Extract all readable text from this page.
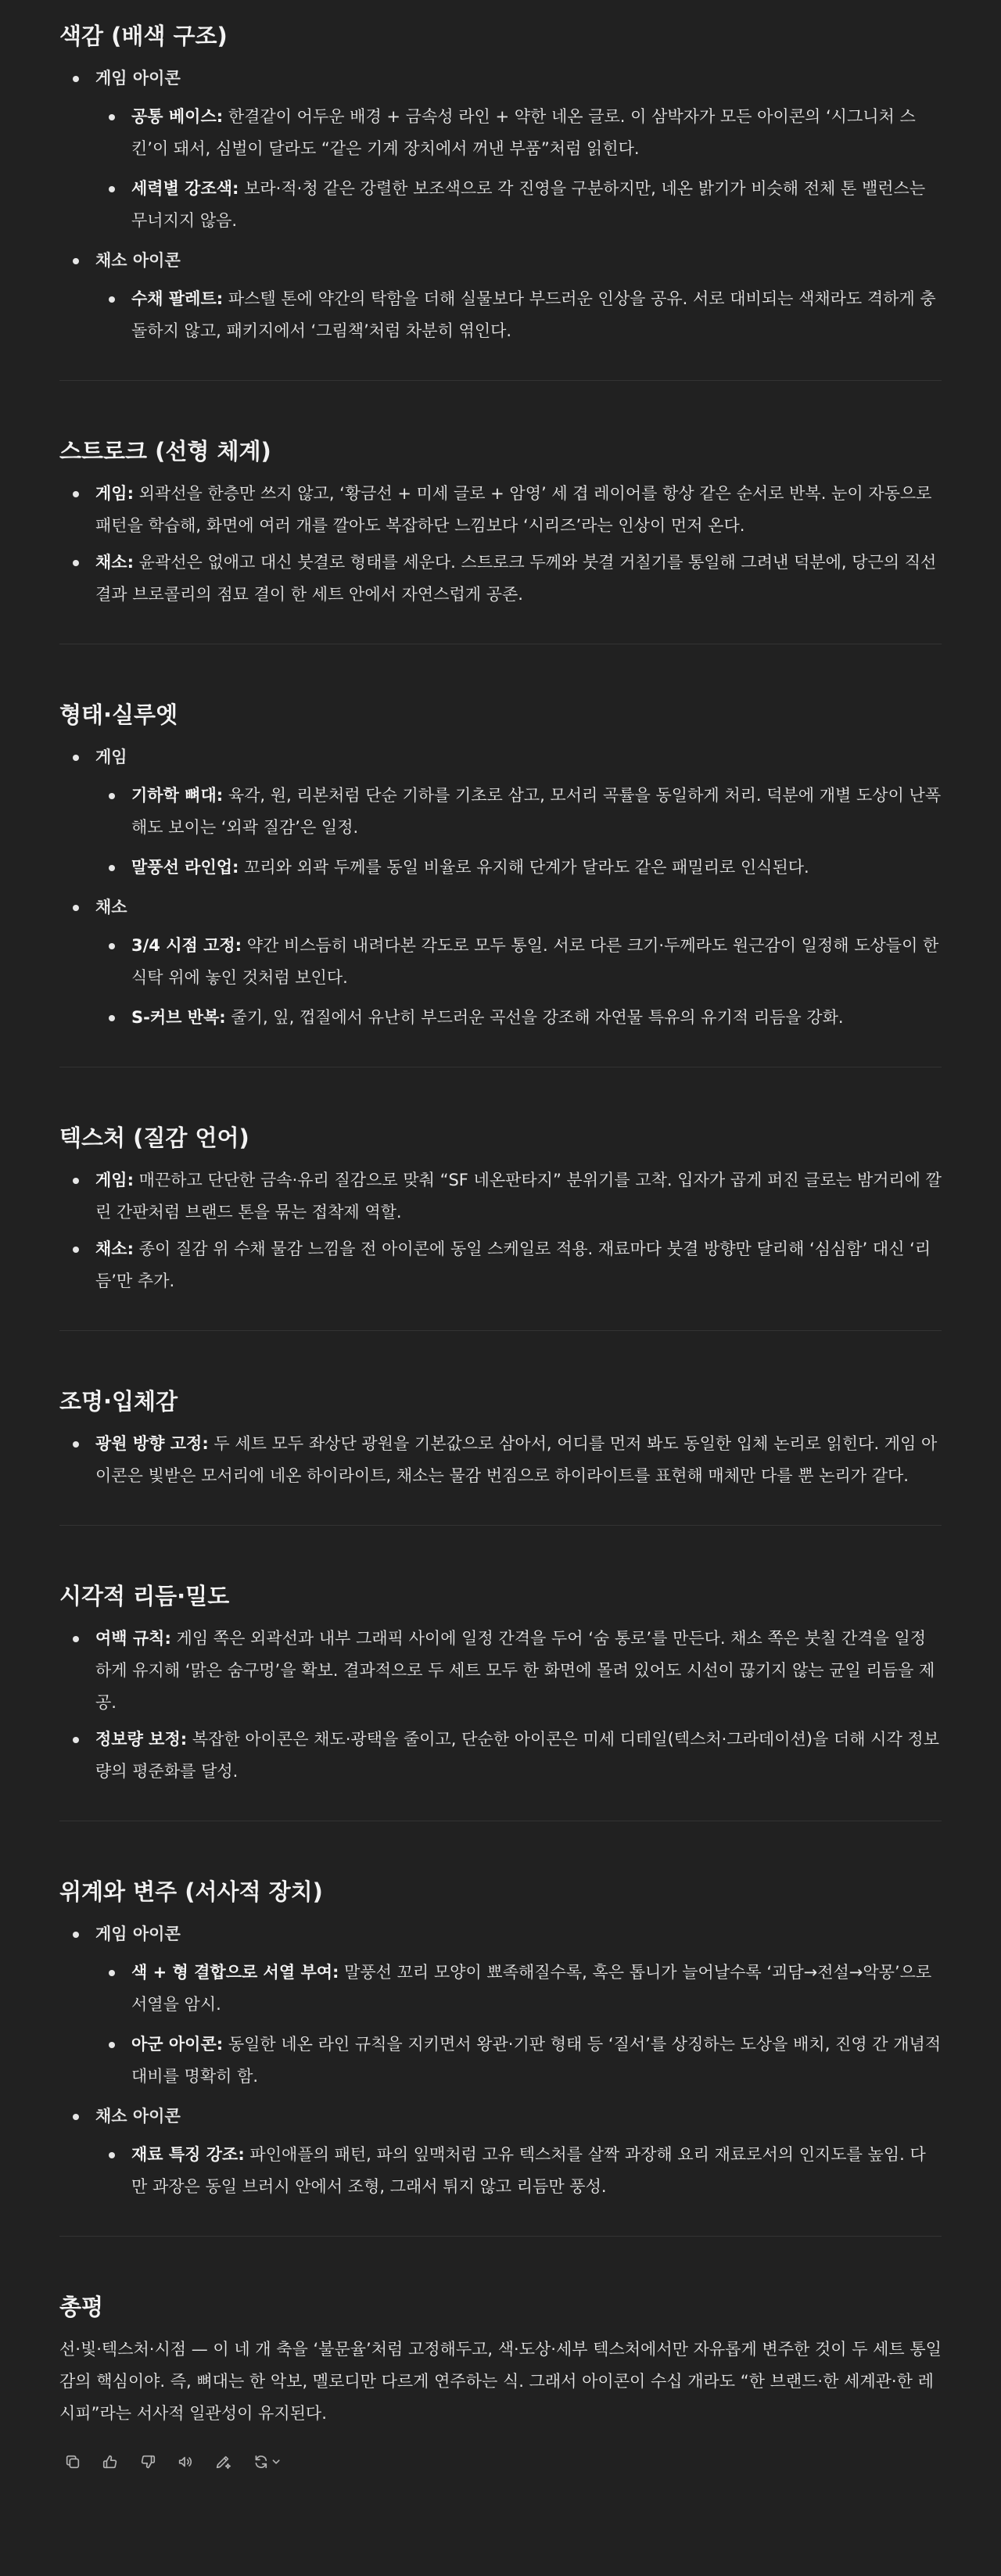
색감 (배색 구조)
게임 아이콘
공통 베이스: 한결같이 어두운 배경 + 금속성 라인 + 약한 네온 글로. 이 삼박자가 모든 아이콘의 ‘시그니처 스킨’이 돼서, 심벌이 달라도 “같은 기계 장치에서 꺼낸 부품”처럼 읽힌다.
세력별 강조색: 보라·적·청 같은 강렬한 보조색으로 각 진영을 구분하지만, 네온 밝기가 비슷해 전체 톤 밸런스는 무너지지 않음.
채소 아이콘
수채 팔레트: 파스텔 톤에 약간의 탁함을 더해 실물보다 부드러운 인상을 공유. 서로 대비되는 색채라도 격하게 충돌하지 않고, 패키지에서 ‘그림책’처럼 차분히 엮인다.
스트로크 (선형 체계)
게임: 외곽선을 한층만 쓰지 않고, ‘황금선 + 미세 글로 + 암영’ 세 겹 레이어를 항상 같은 순서로 반복. 눈이 자동으로 패턴을 학습해, 화면에 여러 개를 깔아도 복잡하단 느낌보다 ‘시리즈’라는 인상이 먼저 온다.
채소: 윤곽선은 없애고 대신 붓결로 형태를 세운다. 스트로크 두께와 붓결 거칠기를 통일해 그려낸 덕분에, 당근의 직선 결과 브로콜리의 점묘 결이 한 세트 안에서 자연스럽게 공존.
형태·실루엣
게임
기하학 뼈대: 육각, 원, 리본처럼 단순 기하를 기초로 삼고, 모서리 곡률을 동일하게 처리. 덕분에 개별 도상이 난폭해도 보이는 ‘외곽 질감’은 일정.
말풍선 라인업: 꼬리와 외곽 두께를 동일 비율로 유지해 단계가 달라도 같은 패밀리로 인식된다.
채소
3/4 시점 고정: 약간 비스듬히 내려다본 각도로 모두 통일. 서로 다른 크기·두께라도 원근감이 일정해 도상들이 한 식탁 위에 놓인 것처럼 보인다.
S-커브 반복: 줄기, 잎, 껍질에서 유난히 부드러운 곡선을 강조해 자연물 특유의 유기적 리듬을 강화.
텍스처 (질감 언어)
게임: 매끈하고 단단한 금속·유리 질감으로 맞춰 “SF 네온판타지” 분위기를 고착. 입자가 곱게 퍼진 글로는 밤거리에 깔린 간판처럼 브랜드 톤을 묶는 접착제 역할.
채소: 종이 질감 위 수채 물감 느낌을 전 아이콘에 동일 스케일로 적용. 재료마다 붓결 방향만 달리해 ‘심심함’ 대신 ‘리듬’만 추가.
조명·입체감
광원 방향 고정: 두 세트 모두 좌상단 광원을 기본값으로 삼아서, 어디를 먼저 봐도 동일한 입체 논리로 읽힌다. 게임 아이콘은 빛받은 모서리에 네온 하이라이트, 채소는 물감 번짐으로 하이라이트를 표현해 매체만 다를 뿐 논리가 같다.
시각적 리듬·밀도
여백 규칙: 게임 쪽은 외곽선과 내부 그래픽 사이에 일정 간격을 두어 ‘숨 통로’를 만든다. 채소 쪽은 붓칠 간격을 일정하게 유지해 ‘맑은 숨구멍’을 확보. 결과적으로 두 세트 모두 한 화면에 몰려 있어도 시선이 끊기지 않는 균일 리듬을 제공.
정보량 보정: 복잡한 아이콘은 채도·광택을 줄이고, 단순한 아이콘은 미세 디테일(텍스처·그라데이션)을 더해 시각 정보량의 평준화를 달성.
위계와 변주 (서사적 장치)
게임 아이콘
색 + 형 결합으로 서열 부여: 말풍선 꼬리 모양이 뾰족해질수록, 혹은 톱니가 늘어날수록 ‘괴담→전설→악몽’으로 서열을 암시.
아군 아이콘: 동일한 네온 라인 규칙을 지키면서 왕관·기판 형태 등 ‘질서’를 상징하는 도상을 배치, 진영 간 개념적 대비를 명확히 함.
채소 아이콘
재료 특징 강조: 파인애플의 패턴, 파의 잎맥처럼 고유 텍스처를 살짝 과장해 요리 재료로서의 인지도를 높임. 다만 과장은 동일 브러시 안에서 조형, 그래서 튀지 않고 리듬만 풍성.
총평

선·빛·텍스처·시점 — 이 네 개 축을 ‘불문율’처럼 고정해두고, 색·도상·세부 텍스처에서만 자유롭게 변주한 것이 두 세트 통일감의 핵심이야. 즉, 뼈대는 한 악보, 멜로디만 다르게 연주하는 식. 그래서 아이콘이 수십 개라도 “한 브랜드·한 세계관·한 레시피”라는 서사적 일관성이 유지된다.
